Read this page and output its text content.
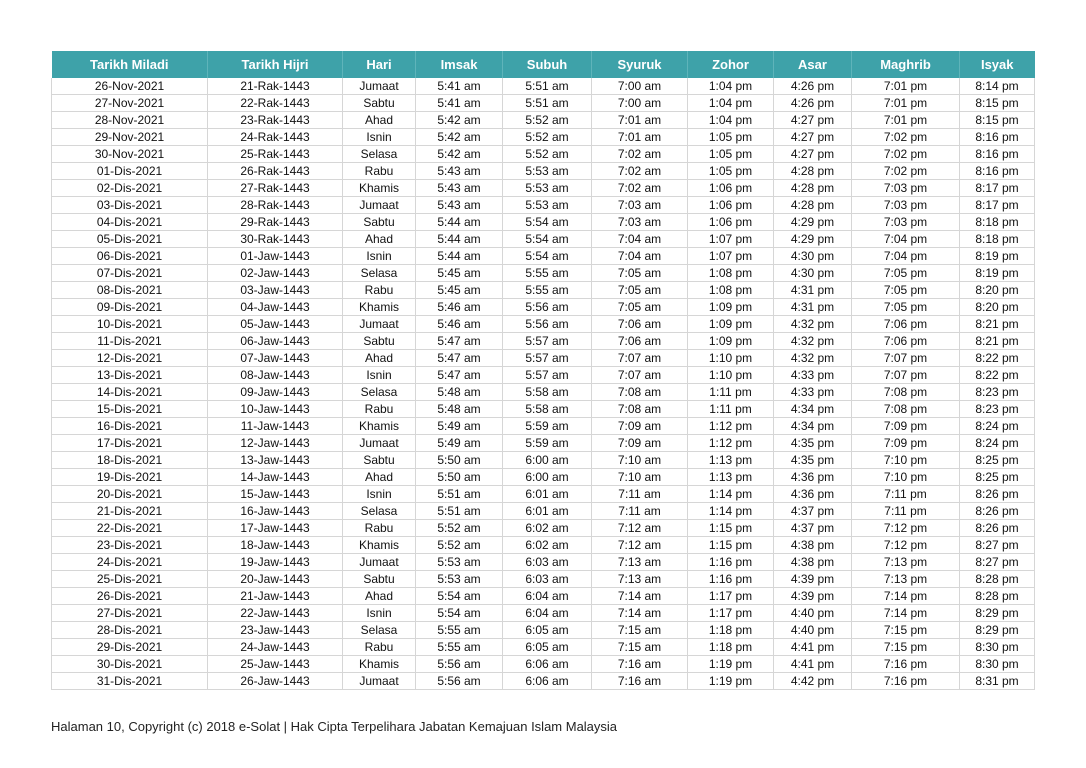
Tarikh Miladi	Tarikh Hijri	Hari	Imsak	Subuh	Syuruk	Zohor	Asar	Maghrib	Isyak
26-Nov-2021	21-Rak-1443	Jumaat	5:41 am	5:51 am	7:00 am	1:04 pm	4:26 pm	7:01 pm	8:14 pm
27-Nov-2021	22-Rak-1443	Sabtu	5:41 am	5:51 am	7:00 am	1:04 pm	4:26 pm	7:01 pm	8:15 pm
28-Nov-2021	23-Rak-1443	Ahad	5:42 am	5:52 am	7:01 am	1:04 pm	4:27 pm	7:01 pm	8:15 pm
29-Nov-2021	24-Rak-1443	Isnin	5:42 am	5:52 am	7:01 am	1:05 pm	4:27 pm	7:02 pm	8:16 pm
30-Nov-2021	25-Rak-1443	Selasa	5:42 am	5:52 am	7:02 am	1:05 pm	4:27 pm	7:02 pm	8:16 pm
01-Dis-2021	26-Rak-1443	Rabu	5:43 am	5:53 am	7:02 am	1:05 pm	4:28 pm	7:02 pm	8:16 pm
02-Dis-2021	27-Rak-1443	Khamis	5:43 am	5:53 am	7:02 am	1:06 pm	4:28 pm	7:03 pm	8:17 pm
03-Dis-2021	28-Rak-1443	Jumaat	5:43 am	5:53 am	7:03 am	1:06 pm	4:28 pm	7:03 pm	8:17 pm
04-Dis-2021	29-Rak-1443	Sabtu	5:44 am	5:54 am	7:03 am	1:06 pm	4:29 pm	7:03 pm	8:18 pm
05-Dis-2021	30-Rak-1443	Ahad	5:44 am	5:54 am	7:04 am	1:07 pm	4:29 pm	7:04 pm	8:18 pm
06-Dis-2021	01-Jaw-1443	Isnin	5:44 am	5:54 am	7:04 am	1:07 pm	4:30 pm	7:04 pm	8:19 pm
07-Dis-2021	02-Jaw-1443	Selasa	5:45 am	5:55 am	7:05 am	1:08 pm	4:30 pm	7:05 pm	8:19 pm
08-Dis-2021	03-Jaw-1443	Rabu	5:45 am	5:55 am	7:05 am	1:08 pm	4:31 pm	7:05 pm	8:20 pm
09-Dis-2021	04-Jaw-1443	Khamis	5:46 am	5:56 am	7:05 am	1:09 pm	4:31 pm	7:05 pm	8:20 pm
10-Dis-2021	05-Jaw-1443	Jumaat	5:46 am	5:56 am	7:06 am	1:09 pm	4:32 pm	7:06 pm	8:21 pm
11-Dis-2021	06-Jaw-1443	Sabtu	5:47 am	5:57 am	7:06 am	1:09 pm	4:32 pm	7:06 pm	8:21 pm
12-Dis-2021	07-Jaw-1443	Ahad	5:47 am	5:57 am	7:07 am	1:10 pm	4:32 pm	7:07 pm	8:22 pm
13-Dis-2021	08-Jaw-1443	Isnin	5:47 am	5:57 am	7:07 am	1:10 pm	4:33 pm	7:07 pm	8:22 pm
14-Dis-2021	09-Jaw-1443	Selasa	5:48 am	5:58 am	7:08 am	1:11 pm	4:33 pm	7:08 pm	8:23 pm
15-Dis-2021	10-Jaw-1443	Rabu	5:48 am	5:58 am	7:08 am	1:11 pm	4:34 pm	7:08 pm	8:23 pm
16-Dis-2021	11-Jaw-1443	Khamis	5:49 am	5:59 am	7:09 am	1:12 pm	4:34 pm	7:09 pm	8:24 pm
17-Dis-2021	12-Jaw-1443	Jumaat	5:49 am	5:59 am	7:09 am	1:12 pm	4:35 pm	7:09 pm	8:24 pm
18-Dis-2021	13-Jaw-1443	Sabtu	5:50 am	6:00 am	7:10 am	1:13 pm	4:35 pm	7:10 pm	8:25 pm
19-Dis-2021	14-Jaw-1443	Ahad	5:50 am	6:00 am	7:10 am	1:13 pm	4:36 pm	7:10 pm	8:25 pm
20-Dis-2021	15-Jaw-1443	Isnin	5:51 am	6:01 am	7:11 am	1:14 pm	4:36 pm	7:11 pm	8:26 pm
21-Dis-2021	16-Jaw-1443	Selasa	5:51 am	6:01 am	7:11 am	1:14 pm	4:37 pm	7:11 pm	8:26 pm
22-Dis-2021	17-Jaw-1443	Rabu	5:52 am	6:02 am	7:12 am	1:15 pm	4:37 pm	7:12 pm	8:26 pm
23-Dis-2021	18-Jaw-1443	Khamis	5:52 am	6:02 am	7:12 am	1:15 pm	4:38 pm	7:12 pm	8:27 pm
24-Dis-2021	19-Jaw-1443	Jumaat	5:53 am	6:03 am	7:13 am	1:16 pm	4:38 pm	7:13 pm	8:27 pm
25-Dis-2021	20-Jaw-1443	Sabtu	5:53 am	6:03 am	7:13 am	1:16 pm	4:39 pm	7:13 pm	8:28 pm
26-Dis-2021	21-Jaw-1443	Ahad	5:54 am	6:04 am	7:14 am	1:17 pm	4:39 pm	7:14 pm	8:28 pm
27-Dis-2021	22-Jaw-1443	Isnin	5:54 am	6:04 am	7:14 am	1:17 pm	4:40 pm	7:14 pm	8:29 pm
28-Dis-2021	23-Jaw-1443	Selasa	5:55 am	6:05 am	7:15 am	1:18 pm	4:40 pm	7:15 pm	8:29 pm
29-Dis-2021	24-Jaw-1443	Rabu	5:55 am	6:05 am	7:15 am	1:18 pm	4:41 pm	7:15 pm	8:30 pm
30-Dis-2021	25-Jaw-1443	Khamis	5:56 am	6:06 am	7:16 am	1:19 pm	4:41 pm	7:16 pm	8:30 pm
31-Dis-2021	26-Jaw-1443	Jumaat	5:56 am	6:06 am	7:16 am	1:19 pm	4:42 pm	7:16 pm	8:31 pm
Halaman 10, Copyright (c) 2018 e-Solat | Hak Cipta Terpelihara Jabatan Kemajuan Islam Malaysia
